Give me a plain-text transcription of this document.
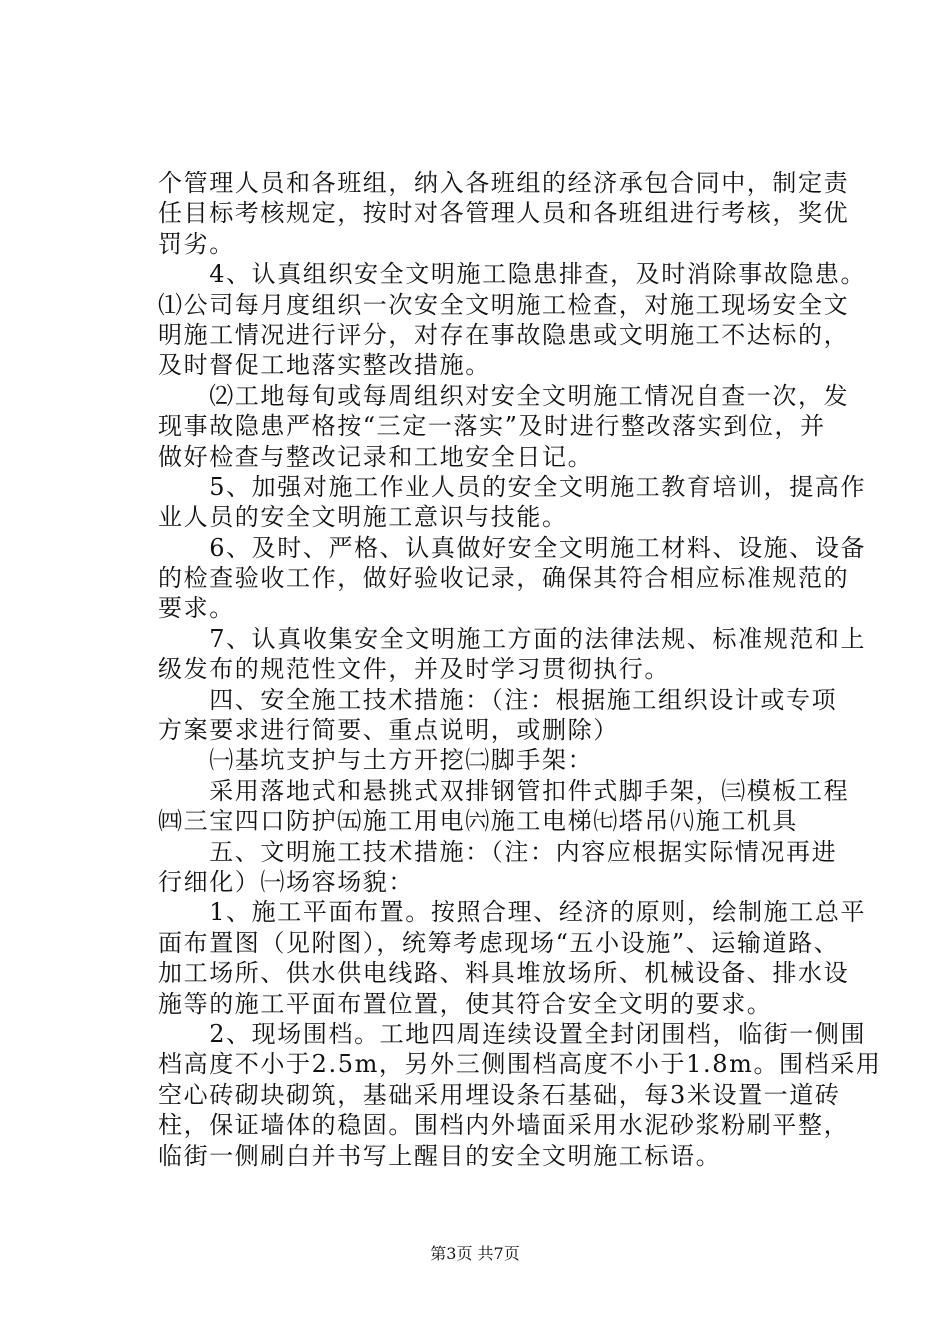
个管理人员和各班组，纳入各班组的经济承包合同中，制定责
任目标考核规定，按时对各管理人员和各班组进行考核，奖优
罚劣。
　　4、认真组织安全文明施工隐患排查，及时消除事故隐患。
⑴公司每月度组织一次安全文明施工检查，对施工现场安全文
明施工情况进行评分，对存在事故隐患或文明施工不达标的，
及时督促工地落实整改措施。
　　⑵工地每旬或每周组织对安全文明施工情况自查一次，发
现事故隐患严格按“三定一落实”及时进行整改落实到位，并
做好检查与整改记录和工地安全日记。
　　5、加强对施工作业人员的安全文明施工教育培训，提高作
业人员的安全文明施工意识与技能。
　　6、及时、严格、认真做好安全文明施工材料、设施、设备
的检查验收工作，做好验收记录，确保其符合相应标准规范的
要求。
　　7、认真收集安全文明施工方面的法律法规、标准规范和上
级发布的规范性文件，并及时学习贯彻执行。
　　四、安全施工技术措施：（注：根据施工组织设计或专项
方案要求进行简要、重点说明，或删除）
　　㈠基坑支护与土方开挖㈡脚手架：
　　采用落地式和悬挑式双排钢管扣件式脚手架，㈢模板工程
㈣三宝四口防护㈤施工用电㈥施工电梯㈦塔吊㈧施工机具
　　五、文明施工技术措施：（注：内容应根据实际情况再进
行细化）㈠场容场貌：
　　1、施工平面布置。按照合理、经济的原则，绘制施工总平
面布置图（见附图），统筹考虑现场“五小设施”、运输道路、
加工场所、供水供电线路、料具堆放场所、机械设备、排水设
施等的施工平面布置位置，使其符合安全文明的要求。
　　2、现场围档。工地四周连续设置全封闭围档，临街一侧围
档高度不小于2.5m，另外三侧围档高度不小于1.8m。围档采用
空心砖砌块砌筑，基础采用埋设条石基础，每3米设置一道砖
柱，保证墙体的稳固。围档内外墙面采用水泥砂浆粉刷平整，
临街一侧刷白并书写上醒目的安全文明施工标语。
第3页 共7页
